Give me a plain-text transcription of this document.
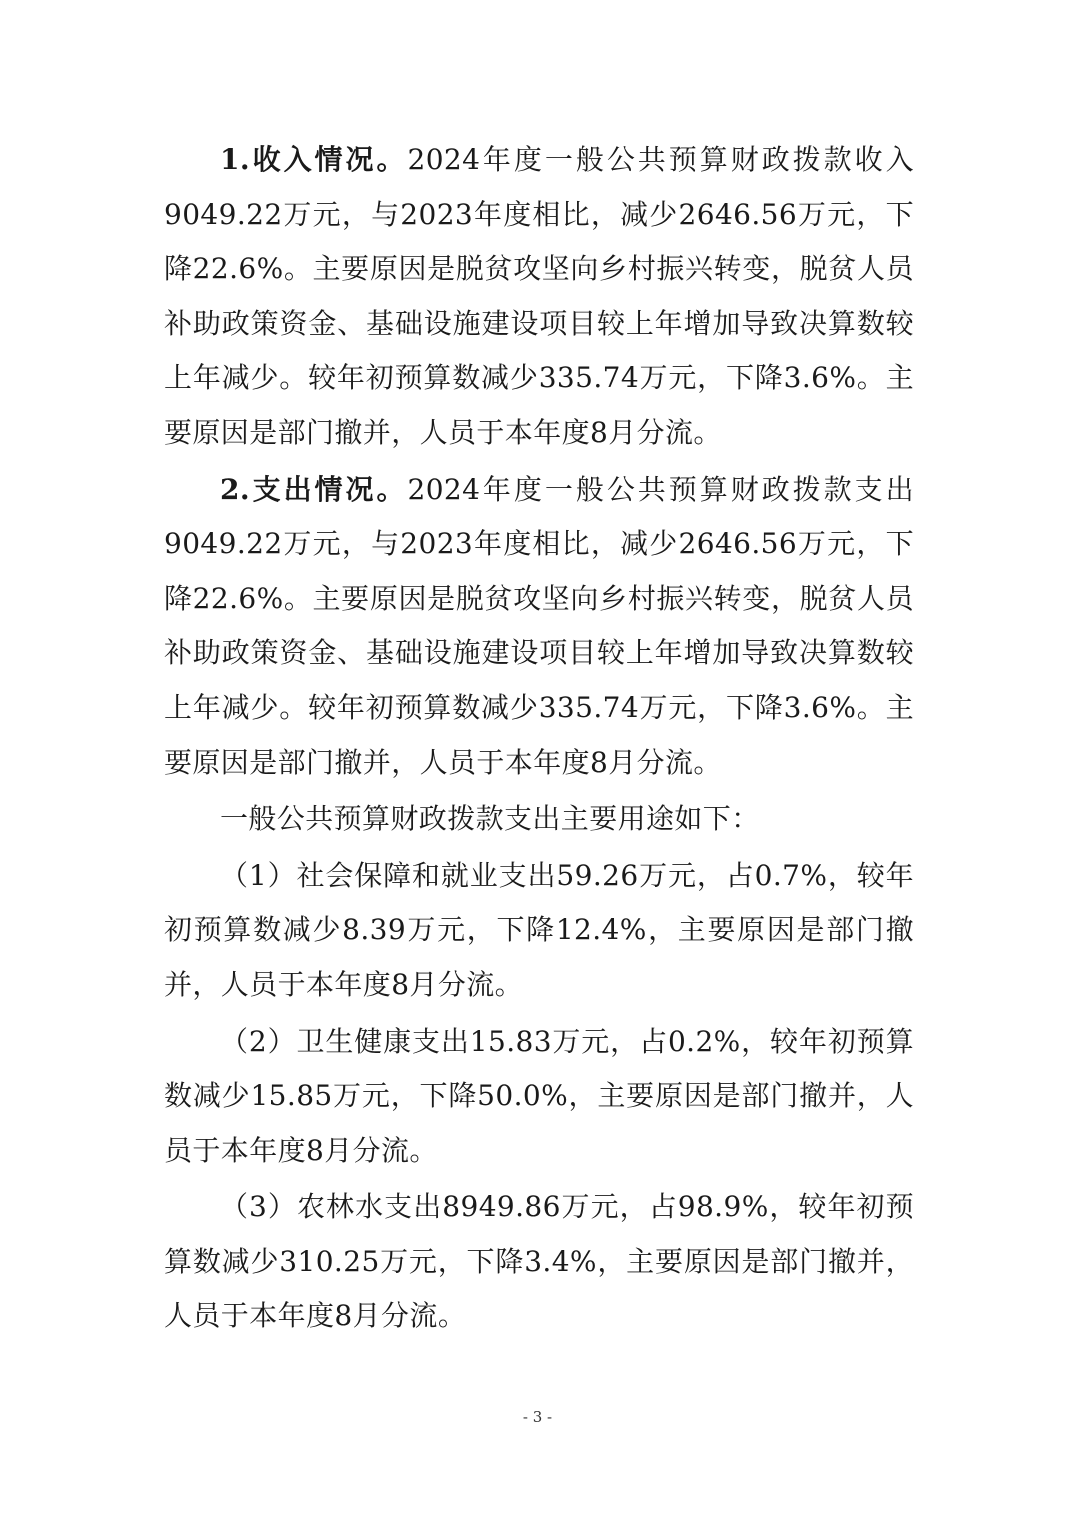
1.收入情况。2024年度一般公共预算财政拨款收入9049.22万元，与2023年度相比，减少2646.56万元，下降22.6%。主要原因是脱贫攻坚向乡村振兴转变，脱贫人员补助政策资金、基础设施建设项目较上年增加导致决算数较上年减少。较年初预算数减少335.74万元，下降3.6%。主要原因是部门撤并，人员于本年度8月分流。

2.支出情况。2024年度一般公共预算财政拨款支出9049.22万元，与2023年度相比，减少2646.56万元，下降22.6%。主要原因是脱贫攻坚向乡村振兴转变，脱贫人员补助政策资金、基础设施建设项目较上年增加导致决算数较上年减少。较年初预算数减少335.74万元，下降3.6%。主要原因是部门撤并，人员于本年度8月分流。

一般公共预算财政拨款支出主要用途如下：

（1）社会保障和就业支出59.26万元，占0.7%，较年初预算数减少8.39万元，下降12.4%，主要原因是部门撤并，人员于本年度8月分流。

（2）卫生健康支出15.83万元，占0.2%，较年初预算数减少15.85万元，下降50.0%，主要原因是部门撤并，人员于本年度8月分流。

（3）农林水支出8949.86万元，占98.9%，较年初预算数减少310.25万元，下降3.4%，主要原因是部门撤并，人员于本年度8月分流。

- 3 -
